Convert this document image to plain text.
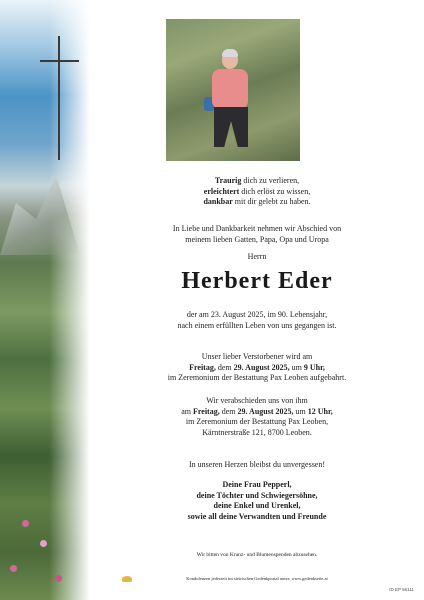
Traurig dich zu verlieren,
erleichtert dich erlöst zu wissen,
dankbar mit dir gelebt zu haben.
In Liebe und Dankbarkeit nehmen wir Abschied von
meinem lieben Gatten, Papa, Opa und Uropa
Herrn
Herbert Eder
der am 23. August 2025, im 90. Lebensjahr,
nach einem erfüllten Leben von uns gegangen ist.
Unser lieber Verstorbener wird am
Freitag, dem 29. August 2025, um 9 Uhr,
im Zeremonium der Bestattung Pax Leoben aufgebahrt.
Wir verabschieden uns von ihm
am Freitag, dem 29. August 2025, um 12 Uhr,
im Zeremonium der Bestattung Pax Leoben,
Kärntnerstraße 121, 8700 Leoben.
In unseren Herzen bleibst du unvergessen!
Deine Frau Pepperl,
deine Töchter und Schwiegersöhne,
deine Enkel und Urenkel,
sowie all deine Verwandten und Freunde
Wir bitten von Kranz- und Blumenspenden abzusehen.
Kondolenzen jederzeit im steirischen Gedenkportal unter: www.gedenkseite.at
ID EP 56111
